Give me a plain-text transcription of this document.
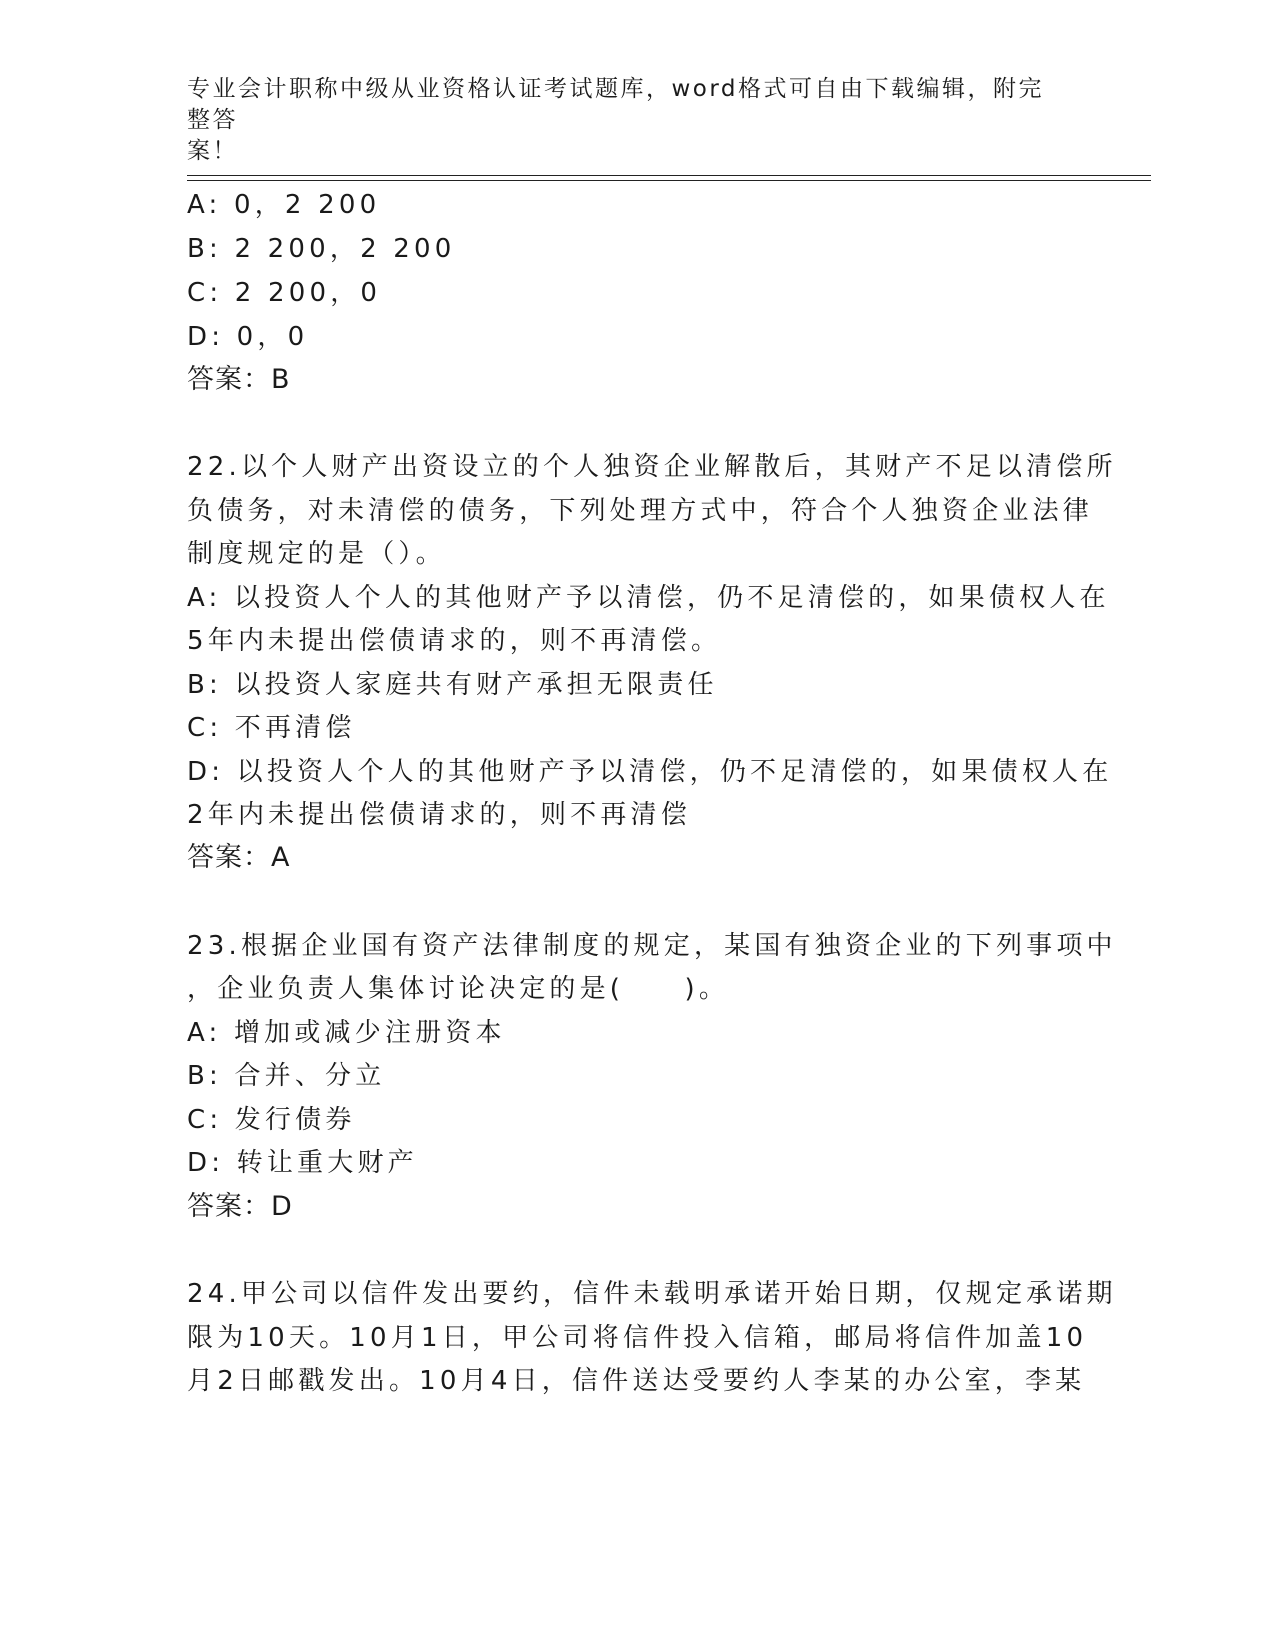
专业会计职称中级从业资格认证考试题库，word格式可自由下载编辑，附完整答
案！
A: 0，2 200
B: 2 200，2 200
C: 2 200，0
D: 0，0
答案：B
22.以个人财产出资设立的个人独资企业解散后，其财产不足以清偿所
负债务，对未清偿的债务，下列处理方式中，符合个人独资企业法律
制度规定的是（）。
A: 以投资人个人的其他财产予以清偿，仍不足清偿的，如果债权人在
5年内未提出偿债请求的，则不再清偿。
B: 以投资人家庭共有财产承担无限责任
C: 不再清偿
D: 以投资人个人的其他财产予以清偿，仍不足清偿的，如果债权人在
2年内未提出偿债请求的，则不再清偿
答案：A
23.根据企业国有资产法律制度的规定，某国有独资企业的下列事项中
，企业负责人集体讨论决定的是(　　)。
A: 增加或减少注册资本
B: 合并、分立
C: 发行债券
D: 转让重大财产
答案：D
24.甲公司以信件发出要约，信件未载明承诺开始日期，仅规定承诺期
限为10天。10月1日，甲公司将信件投入信箱，邮局将信件加盖10
月2日邮戳发出。10月4日，信件送达受要约人李某的办公室，李某
